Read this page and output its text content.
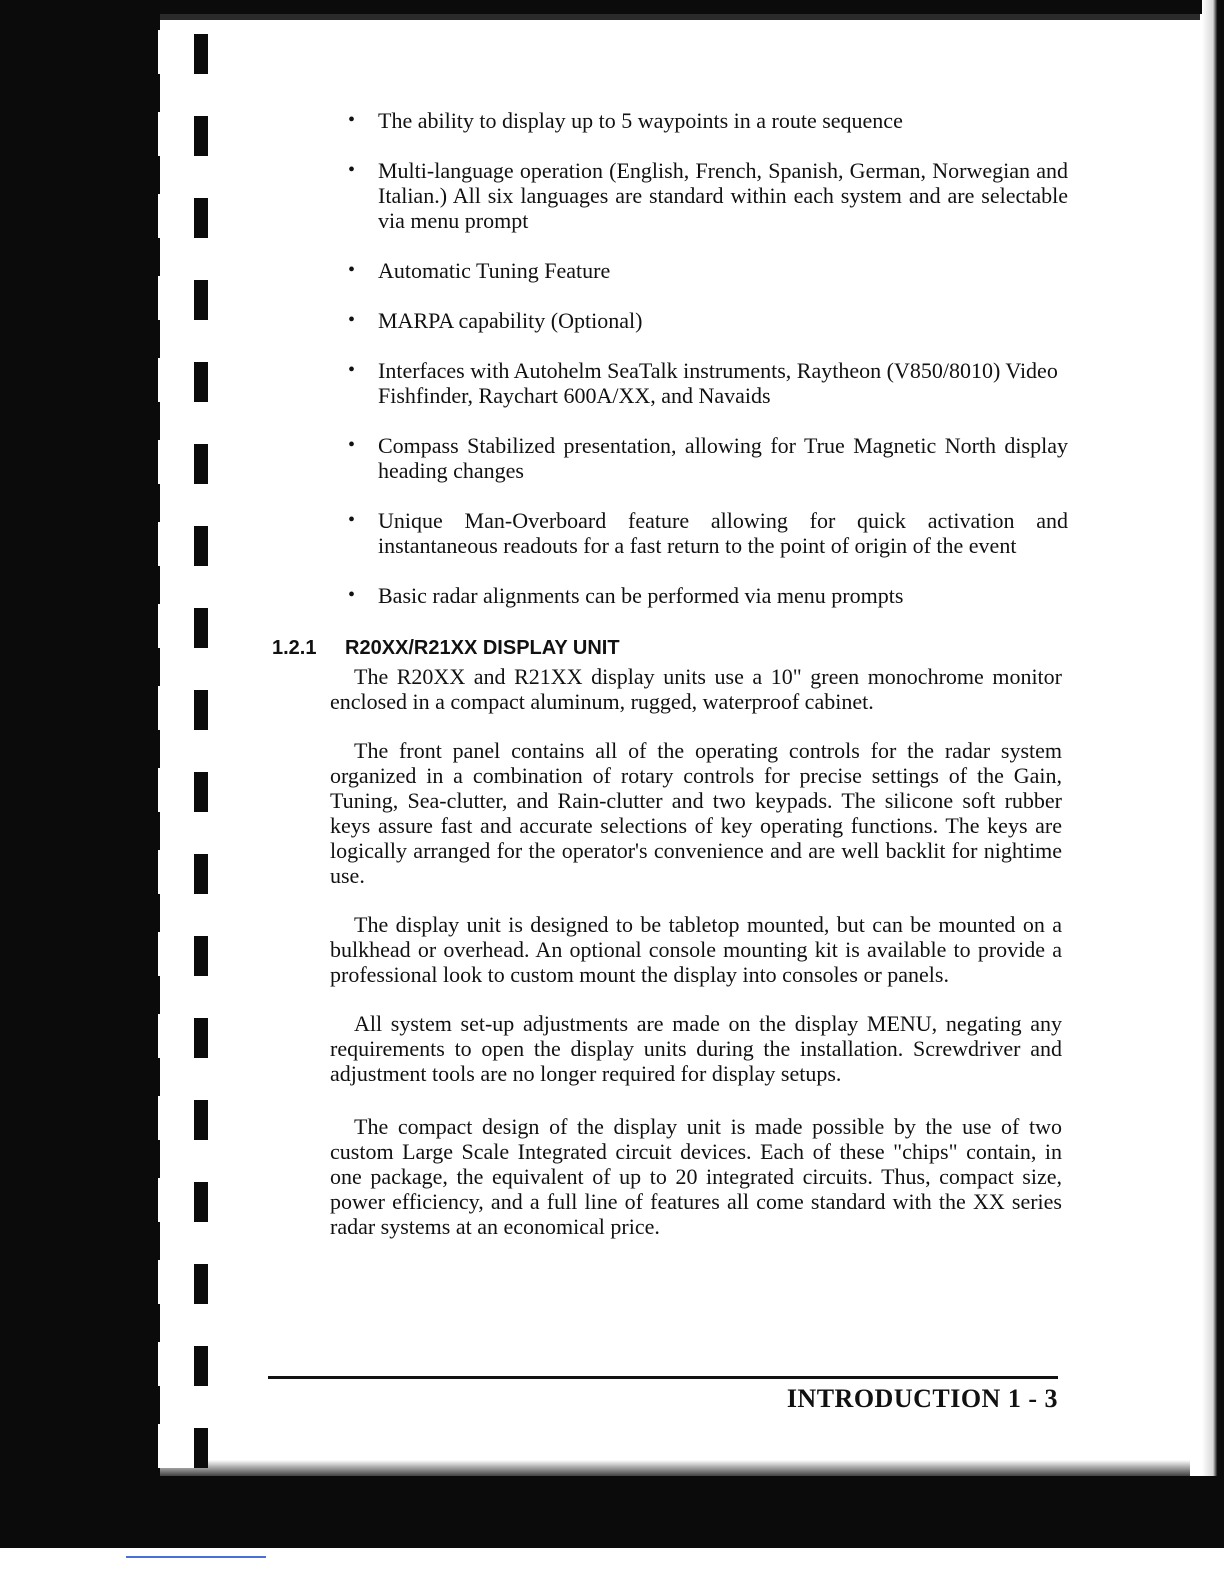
• The ability to display up to 5 waypoints in a route sequence
• Multi-language operation (English, French, Spanish, German, Norwegian and Italian.) All six languages are standard within each system and are selectable via menu prompt
• Automatic Tuning Feature
• MARPA capability (Optional)
• Interfaces with Autohelm SeaTalk instruments, Raytheon (V850/8010) Video Fishfinder, Raychart 600A/XX, and Navaids
• Compass Stabilized presentation, allowing for True Magnetic North display heading changes
• Unique Man-Overboard feature allowing for quick activation and instantaneous readouts for a fast return to the point of origin of the event
• Basic radar alignments can be performed via menu prompts
1.2.1 R20XX/R21XX DISPLAY UNIT

The R20XX and R21XX display units use a 10" green monochrome monitor enclosed in a compact aluminum, rugged, waterproof cabinet.

The front panel contains all of the operating controls for the radar system organized in a combination of rotary controls for precise settings of the Gain, Tuning, Sea-clutter, and Rain-clutter and two keypads. The silicone soft rubber keys assure fast and accurate selections of key operating functions. The keys are logically arranged for the operator's convenience and are well backlit for nightime use.

The display unit is designed to be tabletop mounted, but can be mounted on a bulkhead or overhead. An optional console mounting kit is available to provide a professional look to custom mount the display into consoles or panels.

All system set-up adjustments are made on the display MENU, negating any requirements to open the display units during the installation. Screwdriver and adjustment tools are no longer required for display setups.

The compact design of the display unit is made possible by the use of two custom Large Scale Integrated circuit devices. Each of these "chips" contain, in one package, the equivalent of up to 20 integrated circuits. Thus, compact size, power efficiency, and a full line of features all come standard with the XX series radar systems at an economical price.

INTRODUCTION 1 - 3
